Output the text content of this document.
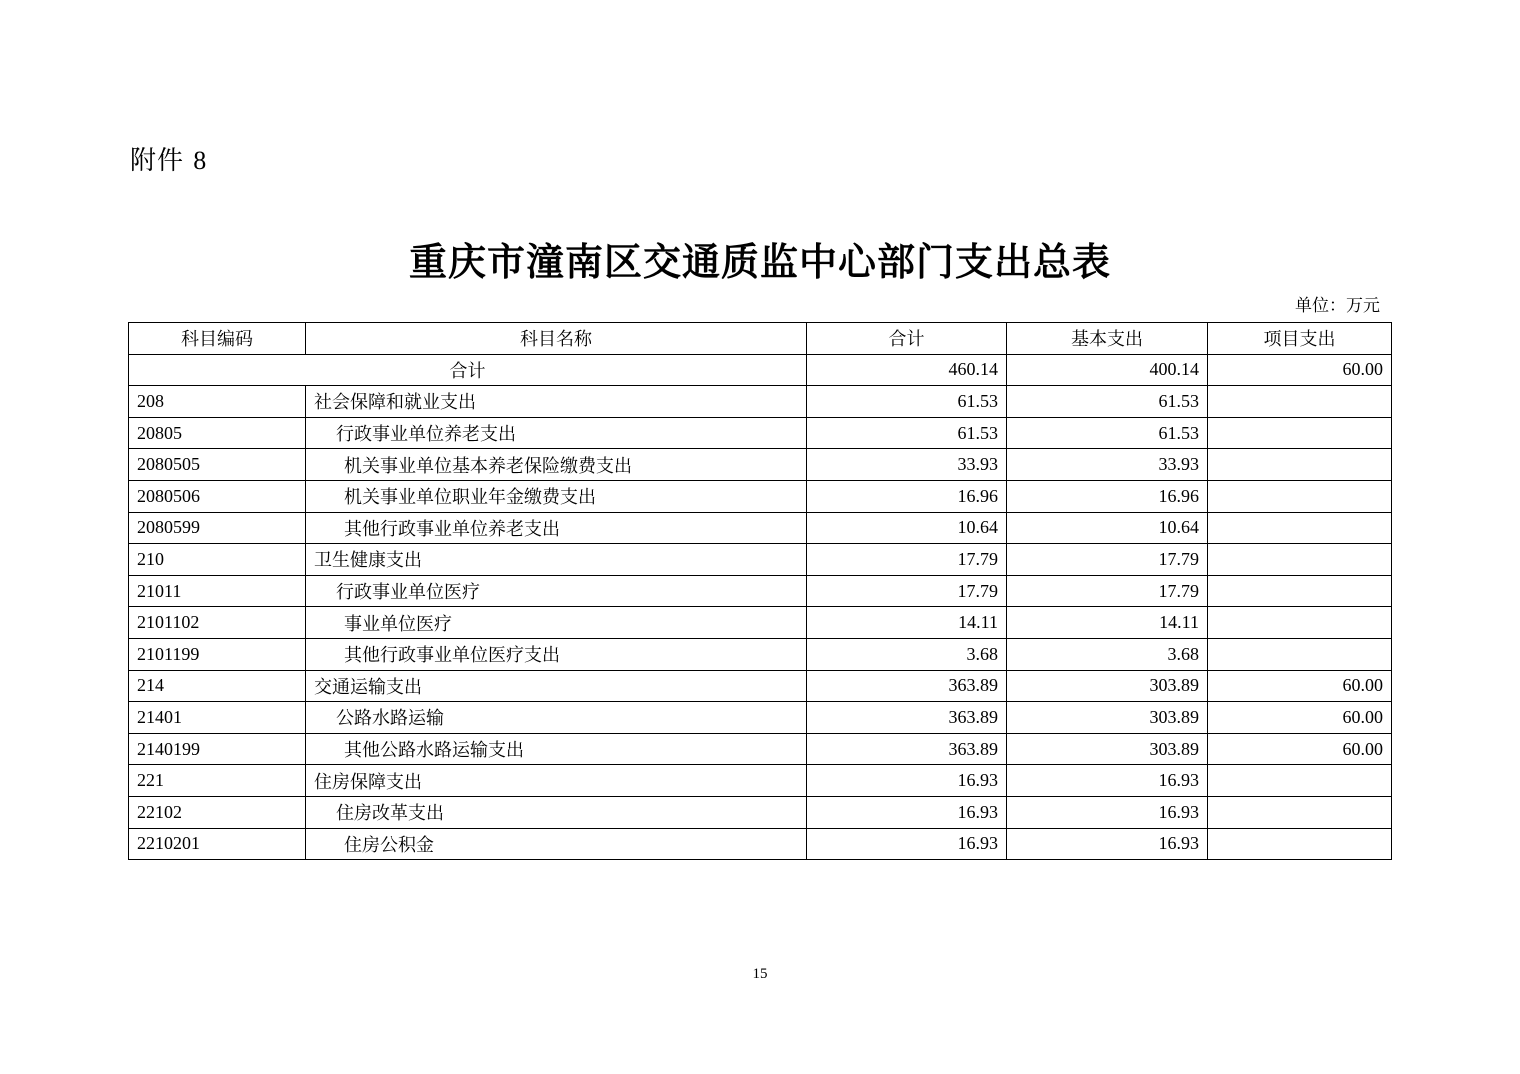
附件 8
重庆市潼南区交通质监中心部门支出总表
单位：万元
科目编码	科目名称	合计	基本支出	项目支出
合计		460.14	400.14	60.00
208	社会保障和就业支出	61.53	61.53	
20805	行政事业单位养老支出	61.53	61.53	
2080505	机关事业单位基本养老保险缴费支出	33.93	33.93	
2080506	机关事业单位职业年金缴费支出	16.96	16.96	
2080599	其他行政事业单位养老支出	10.64	10.64	
210	卫生健康支出	17.79	17.79	
21011	行政事业单位医疗	17.79	17.79	
2101102	事业单位医疗	14.11	14.11	
2101199	其他行政事业单位医疗支出	3.68	3.68	
214	交通运输支出	363.89	303.89	60.00
21401	公路水路运输	363.89	303.89	60.00
2140199	其他公路水路运输支出	363.89	303.89	60.00
221	住房保障支出	16.93	16.93	
22102	住房改革支出	16.93	16.93	
2210201	住房公积金	16.93	16.93	
15
